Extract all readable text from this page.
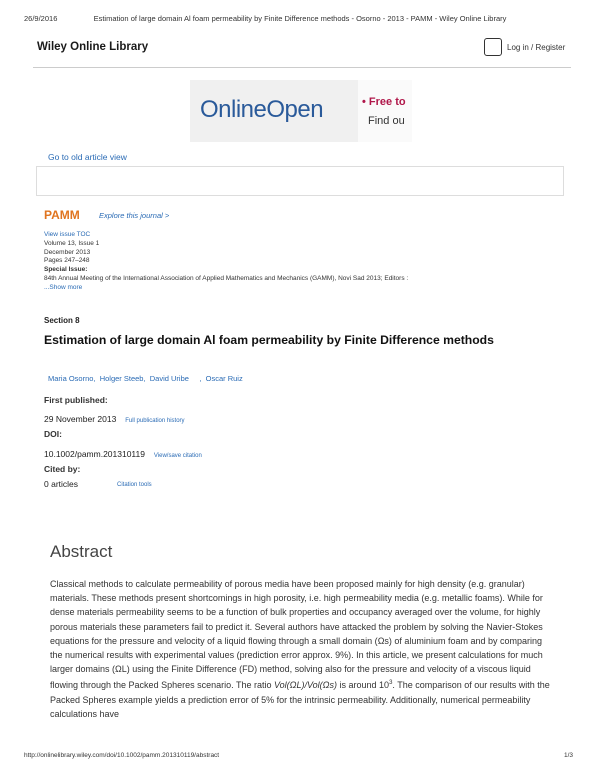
26/9/2016	Estimation of large domain Al foam permeability by Finite Difference methods - Osorno - 2013 - PAMM - Wiley Online Library
Wiley Online Library	Log in / Register
OnlineOpen	• Free to
Find ou
Go to old article view
PAMM	Explore this journal >
View issue TOC
Volume 13, Issue 1
December 2013
Pages 247–248
Special Issue:
84th Annual Meeting of the International Association of Applied Mathematics and Mechanics (GAMM), Novi Sad 2013; Editors :
...Show more
Section 8
Estimation of large domain Al foam permeability by Finite Difference methods
Maria Osorno,  Holger Steeb,  David Uribe     ,  Oscar Ruiz
First published:
29 November 2013 Full publication history
DOI:
10.1002/pamm.201310119 View/save citation
Cited by:
0 articles	Citation tools
Abstract
Classical methods to calculate permeability of porous media have been proposed mainly for high density (e.g. granular) materials. These methods present shortcomings in high porosity, i.e. high permeability media (e.g. metallic foams). While for dense materials permeability seems to be a function of bulk properties and occupancy averaged over the volume, for highly porous materials these parameters fail to predict it. Several authors have attacked the problem by solving the Navier-Stokes equations for the pressure and velocity of a liquid flowing through a small domain (Ωs) of aluminium foam and by comparing the numerical results with experimental values (prediction error approx. 9%). In this article, we present calculations for much larger domains (ΩL) using the Finite Difference (FD) method, solving also for the pressure and velocity of a viscous liquid flowing through the Packed Spheres scenario. The ratio Vol(ΩL)/Vol(Ωs) is around $10^3$. The comparison of our results with the Packed Spheres example yields a prediction error of 5% for the intrinsic permeability. Additionally, numerical permeability calculations have
http://onlinelibrary.wiley.com/doi/10.1002/pamm.201310119/abstract	1/3
